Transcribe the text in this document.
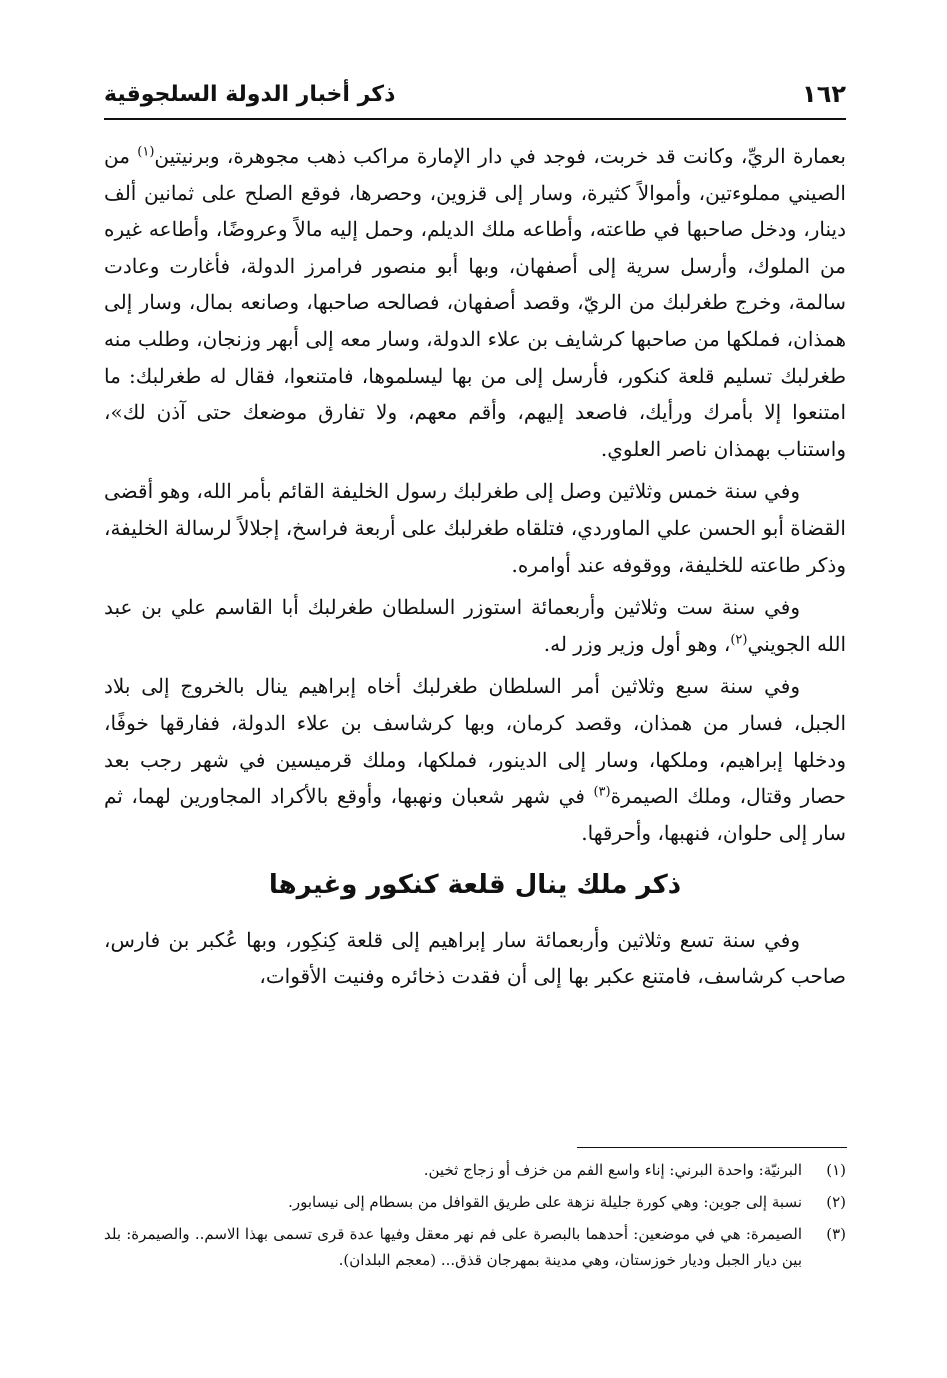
١٦٢
ذكر أخبار الدولة السلجوقية

بعمارة الريِّ، وكانت قد خربت، فوجد في دار الإمارة مراكب ذهب مجوهرة، وبرنيتين$^{(١)}$ من الصيني مملوءتين، وأموالاً كثيرة، وسار إلى قزوين، وحصرها، فوقع الصلح على ثمانين ألف دينار، ودخل صاحبها في طاعته، وأطاعه ملك الديلم، وحمل إليه مالاً وعروضًا، وأطاعه غيره من الملوك، وأرسل سرية إلى أصفهان، وبها أبو منصور فرامرز الدولة، فأغارت وعادت سالمة، وخرج طغرلبك من الريّ، وقصد أصفهان، فصالحه صاحبها، وصانعه بمال، وسار إلى همذان، فملكها من صاحبها كرشايف بن علاء الدولة، وسار معه إلى أبهر وزنجان، وطلب منه طغرلبك تسليم قلعة كنكور، فأرسل إلى من بها ليسلموها، فامتنعوا، فقال له طغرلبك: ما امتنعوا إلا بأمرك ورأيك، فاصعد إليهم، وأقم معهم، ولا تفارق موضعك حتى آذن لك»، واستناب بهمذان ناصر العلوي.

وفي سنة خمس وثلاثين وصل إلى طغرلبك رسول الخليفة القائم بأمر الله، وهو أقضى القضاة أبو الحسن علي الماوردي، فتلقاه طغرلبك على أربعة فراسخ، إجلالاً لرسالة الخليفة، وذكر طاعته للخليفة، ووقوفه عند أوامره.

وفي سنة ست وثلاثين وأربعمائة استوزر السلطان طغرلبك أبا القاسم علي بن عبد الله الجويني$^{(٢)}$، وهو أول وزير وزر له.

وفي سنة سبع وثلاثين أمر السلطان طغرلبك أخاه إبراهيم ينال بالخروج إلى بلاد الجبل، فسار من همذان، وقصد كرمان، وبها كرشاسف بن علاء الدولة، ففارقها خوفًا، ودخلها إبراهيم، وملكها، وسار إلى الدينور، فملكها، وملك قرميسين في شهر رجب بعد حصار وقتال، وملك الصيمرة$^{(٣)}$ في شهر شعبان ونهبها، وأوقع بالأكراد المجاورين لهما، ثم سار إلى حلوان، فنهبها، وأحرقها.

ذكر ملك ينال قلعة كنكور وغيرها

وفي سنة تسع وثلاثين وأربعمائة سار إبراهيم إلى قلعة كِنكِور، وبها عُكبر بن فارس، صاحب كرشاسف، فامتنع عكبر بها إلى أن فقدت ذخائره وفنيت الأقوات،

(١)
البرنيّة: واحدة البرني: إناء واسع الفم من خزف أو زجاج ثخين.
(٢)
نسبة إلى جوين: وهي كورة جليلة نزهة على طريق القوافل من بسطام إلى نيسابور.
(٣)
الصيمرة: هي في موضعين: أحدهما بالبصرة على فم نهر معقل وفيها عدة قرى تسمى بهذا الاسم.. والصيمرة: بلد بين ديار الجبل وديار خوزستان، وهي مدينة بمهرجان قذق... (معجم البلدان).
